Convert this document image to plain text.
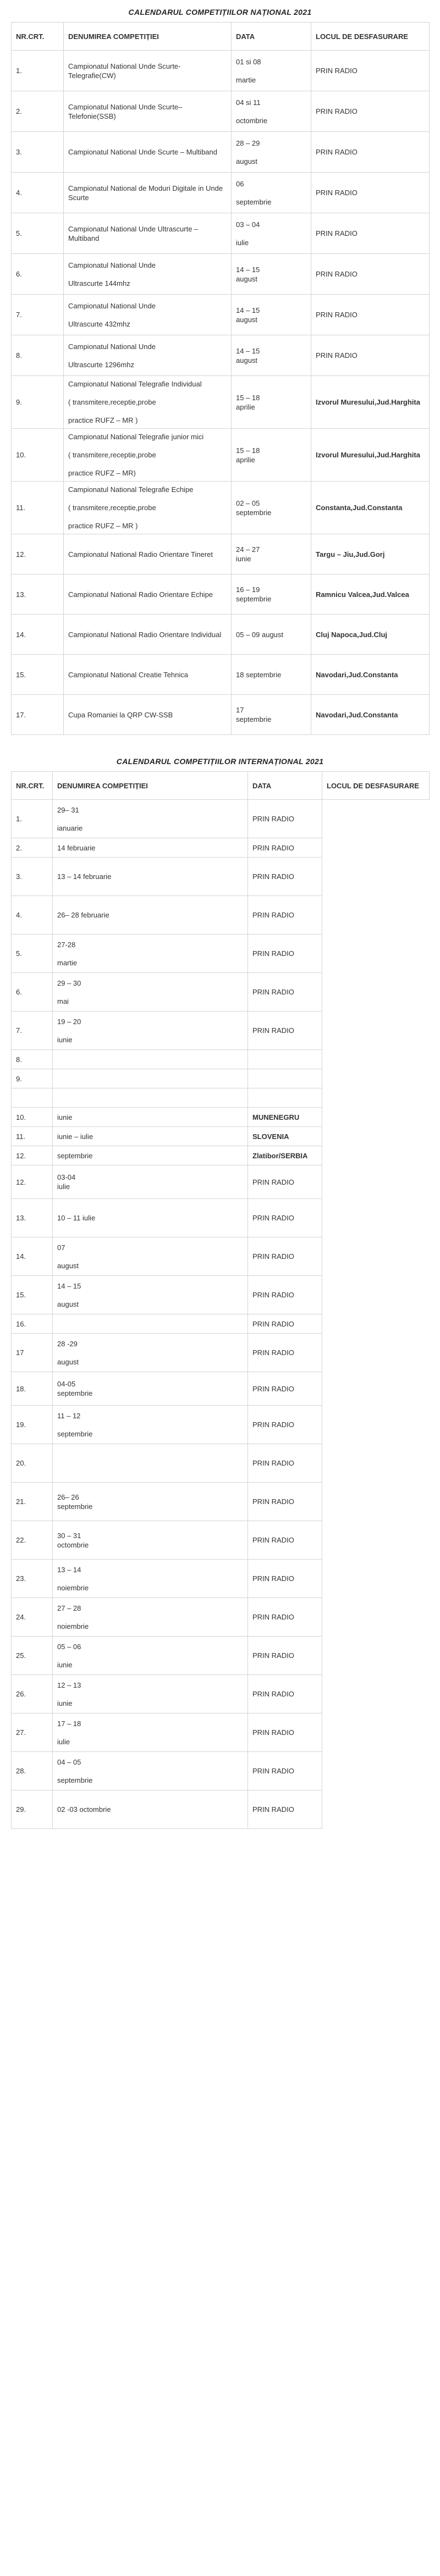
CALENDARUL COMPETIȚIILOR NAȚIONAL 2021
NR.CRT.	DENUMIREA COMPETIȚIEI	DATA	LOCUL DE DESFASURARE
1.	Campionatul National Unde Scurte-Telegrafie(CW)	01 si 08
martie	PRIN RADIO
2.	Campionatul National Unde Scurte–Telefonie(SSB)	04 si 11
octombrie	PRIN RADIO
3.	Campionatul National Unde Scurte – Multiband	28 – 29
august	PRIN RADIO
4.	Campionatul National de Moduri Digitale in Unde Scurte	06
septembrie	PRIN RADIO
5.	Campionatul National Unde Ultrascurte – Multiband	03 – 04
iulie	PRIN RADIO
6.	Campionatul National Unde
Ultrascurte 144mhz	14 – 15
august	PRIN RADIO
7.	Campionatul National Unde
Ultrascurte 432mhz	14 – 15
august	PRIN RADIO
8.	Campionatul National Unde
Ultrascurte 1296mhz	14 – 15
august	PRIN RADIO
9.	Campionatul National Telegrafie Individual
( transmitere,receptie,probe
practice RUFZ – MR )	15 – 18
aprilie	Izvorul Muresului,Jud.Harghita
10.	Campionatul National Telegrafie junior mici
( transmitere,receptie,probe
practice RUFZ – MR)	15 – 18
aprilie	Izvorul Muresului,Jud.Harghita
11.	Campionatul National Telegrafie Echipe
( transmitere,receptie,probe
practice RUFZ – MR )	02 – 05
septembrie	Constanta,Jud.Constanta
12.	Campionatul National Radio Orientare Tineret	24 – 27
iunie	Targu – Jiu,Jud.Gorj
13.	Campionatul National Radio Orientare Echipe	16 – 19
septembrie	Ramnicu Valcea,Jud.Valcea
14.	Campionatul National Radio Orientare Individual	05 – 09 august	Cluj Napoca,Jud.Cluj
15.	Campionatul National Creatie Tehnica	18 septembrie	Navodari,Jud.Constanta
17.	Cupa Romaniei la QRP CW-SSB	17
septembrie	Navodari,Jud.Constanta
CALENDARUL COMPETIȚIILOR INTERNAȚIONAL 2021
NR.CRT.	DENUMIREA COMPETIȚIEI	DATA	LOCUL DE DESFASURARE
1.	29– 31
ianuarie	PRIN RADIO	
2.	14 februarie	PRIN RADIO	
3.	13 – 14 februarie	PRIN RADIO	
4.	26– 28 februarie	PRIN RADIO	
5.	27-28
martie	PRIN RADIO	
6.	29 – 30
mai	PRIN RADIO	
7.	19 – 20
iunie	PRIN RADIO	
8.		

9.		

10.	iunie	MUNENEGRU	
11.	iunie – iulie	SLOVENIA	
12.	septembrie	Zlatibor/SERBIA	
12.	03-04
iulie	PRIN RADIO	
13.	10 – 11 iulie	PRIN RADIO	
14.	07
august	PRIN RADIO	
15.	14 – 15
august	PRIN RADIO	
16.		PRIN RADIO	
17	28 -29
august	PRIN RADIO	
18.	04-05
septembrie	PRIN RADIO	
19.	11 – 12
septembrie	PRIN RADIO	
20.		PRIN RADIO	
21.	26– 26
septembrie	PRIN RADIO	
22.	30 – 31
octombrie	PRIN RADIO	
23.	13 – 14
noiembrie	PRIN RADIO	
24.	27 – 28
noiembrie	PRIN RADIO	
25.	05 – 06
iunie	PRIN RADIO	
26.	12 – 13
iunie	PRIN RADIO	
27.	17 – 18
iulie	PRIN RADIO	
28.	04 – 05
septembrie	PRIN RADIO	
29.	02 -03 octombrie	PRIN RADIO	
